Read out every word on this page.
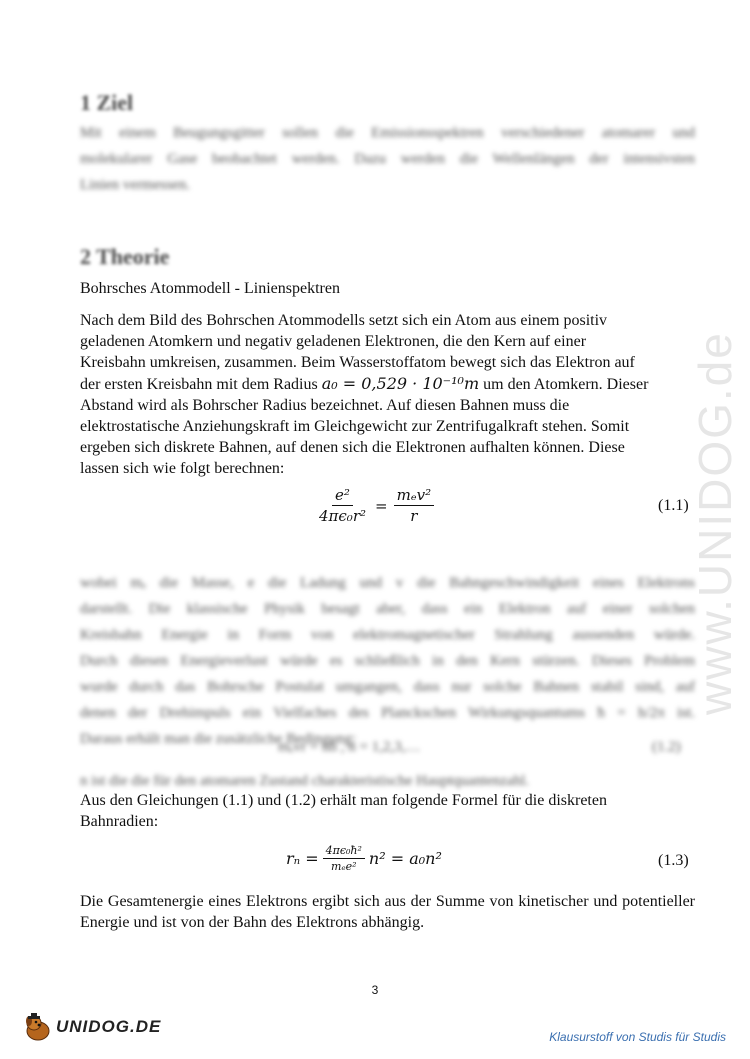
www.UNIDOG.de
1 Ziel
Mit einem Beugungsgitter sollen die Emissionsspektren verschiedener atomarer und
molekularer Gase beobachtet werden. Dazu werden die Wellenlängen der intensivsten
Linien vermessen.
2 Theorie
Bohrsches Atommodell - Linienspektren
Nach dem Bild des Bohrschen Atommodells setzt sich ein Atom aus einem positiv
geladenen Atomkern und negativ geladenen Elektronen, die den Kern auf einer
Kreisbahn umkreisen, zusammen. Beim Wasserstoffatom bewegt sich das Elektron auf
der ersten Kreisbahn mit dem Radius a₀ = 0,529 · 10⁻¹⁰m um den Atomkern. Dieser
Abstand wird als Bohrscher Radius bezeichnet. Auf diesen Bahnen muss die
elektrostatische Anziehungskraft im Gleichgewicht zur Zentrifugalkraft stehen. Somit
ergeben sich diskrete Bahnen, auf denen sich die Elektronen aufhalten können. Diese
lassen sich wie folgt berechnen:
$\frac{\text{e²}}{\text{4πϵ₀r²}} = \frac{\text{mₑv²}}{r}$	(1.1)
wobei mₑ die Masse, e die Ladung und v die Bahngeschwindigkeit eines Elektrons
darstellt. Die klassische Physik besagt aber, dass ein Elektron auf einer solchen
Kreisbahn Energie in Form von elektromagnetischer Strahlung aussenden würde.
Durch diesen Energieverlust würde es schließlich in den Kern stürzen. Dieses Problem
wurde durch das Bohrsche Postulat umgangen, dass nur solche Bahnen stabil sind, auf
denen der Drehimpuls ein Vielfaches des Planckschen Wirkungsquantums ħ = h/2π ist.
Daraus erhält man die zusätzliche Bedingung:
mₑvr = nħ , n = 1,2,3,…	(1.2)
n ist die die für den atomaren Zustand charakteristische Hauptquantenzahl.
Aus den Gleichungen (1.1) und (1.2) erhält man folgende Formel für die diskreten
Bahnradien:
$r_n = \frac{\text{4πϵ₀ħ²}}{\text{mₑe²}} n^2 = a_0n^2$	(1.3)
Die Gesamtenergie eines Elektrons ergibt sich aus der Summe von kinetischer und potentieller Energie und ist von der Bahn des Elektrons abhängig.
3
UNIDOG.DE
Klausurstoff von Studis für Studis
